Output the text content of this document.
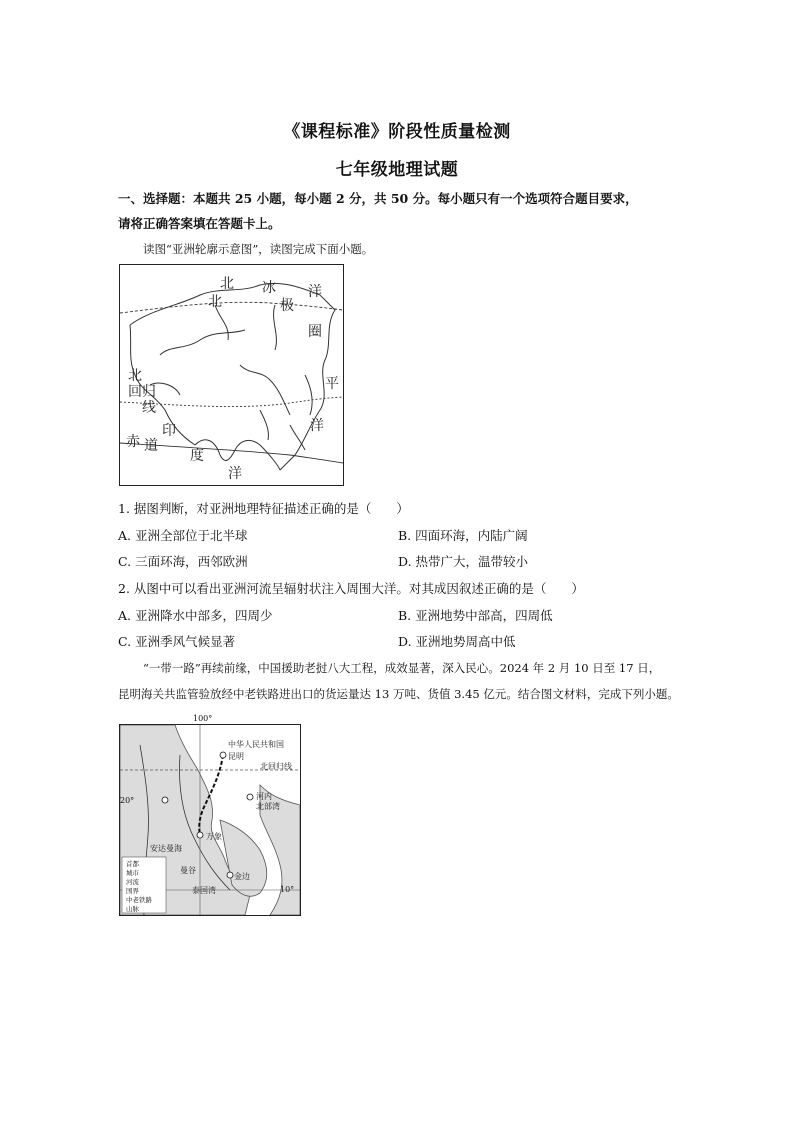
《课程标准》阶段性质量检测
七年级地理试题
一、选择题：本题共 25 小题，每小题 2 分，共 50 分。每小题只有一个选项符合题目要求，
请将正确答案填在答题卡上。
读图“亚洲轮廓示意图”，读图完成下面小题。
北 冰 洋
北	极
圈
北
回 归
线
赤 道
印
度
洋
平
洋
1. 据图判断，对亚洲地理特征描述正确的是（　　）
A. 亚洲全部位于北半球	B. 四面环海，内陆广阔
C. 三面环海，西邻欧洲	D. 热带广大，温带较小
2. 从图中可以看出亚洲河流呈辐射状注入周围大洋。对其成因叙述正确的是（　　）
A. 亚洲降水中部多，四周少	B. 亚洲地势中部高，四周低
C. 亚洲季风气候显著	D. 亚洲地势周高中低
“一带一路”再续前缘，中国援助老挝八大工程，成效显著，深入民心。2024 年 2 月 10 日至 17 日，
昆明海关共监管验放经中老铁路进出口的货运量达 13 万吨、货值 3.45 亿元。结合图文材料，完成下列小题。
100°
中华人民共和国
昆明
北回归线
河内
北部湾
万象
曼谷
金边
泰国湾
安达曼海
10°
首都
城市
河流
国界
中老铁路
山脉
20°
